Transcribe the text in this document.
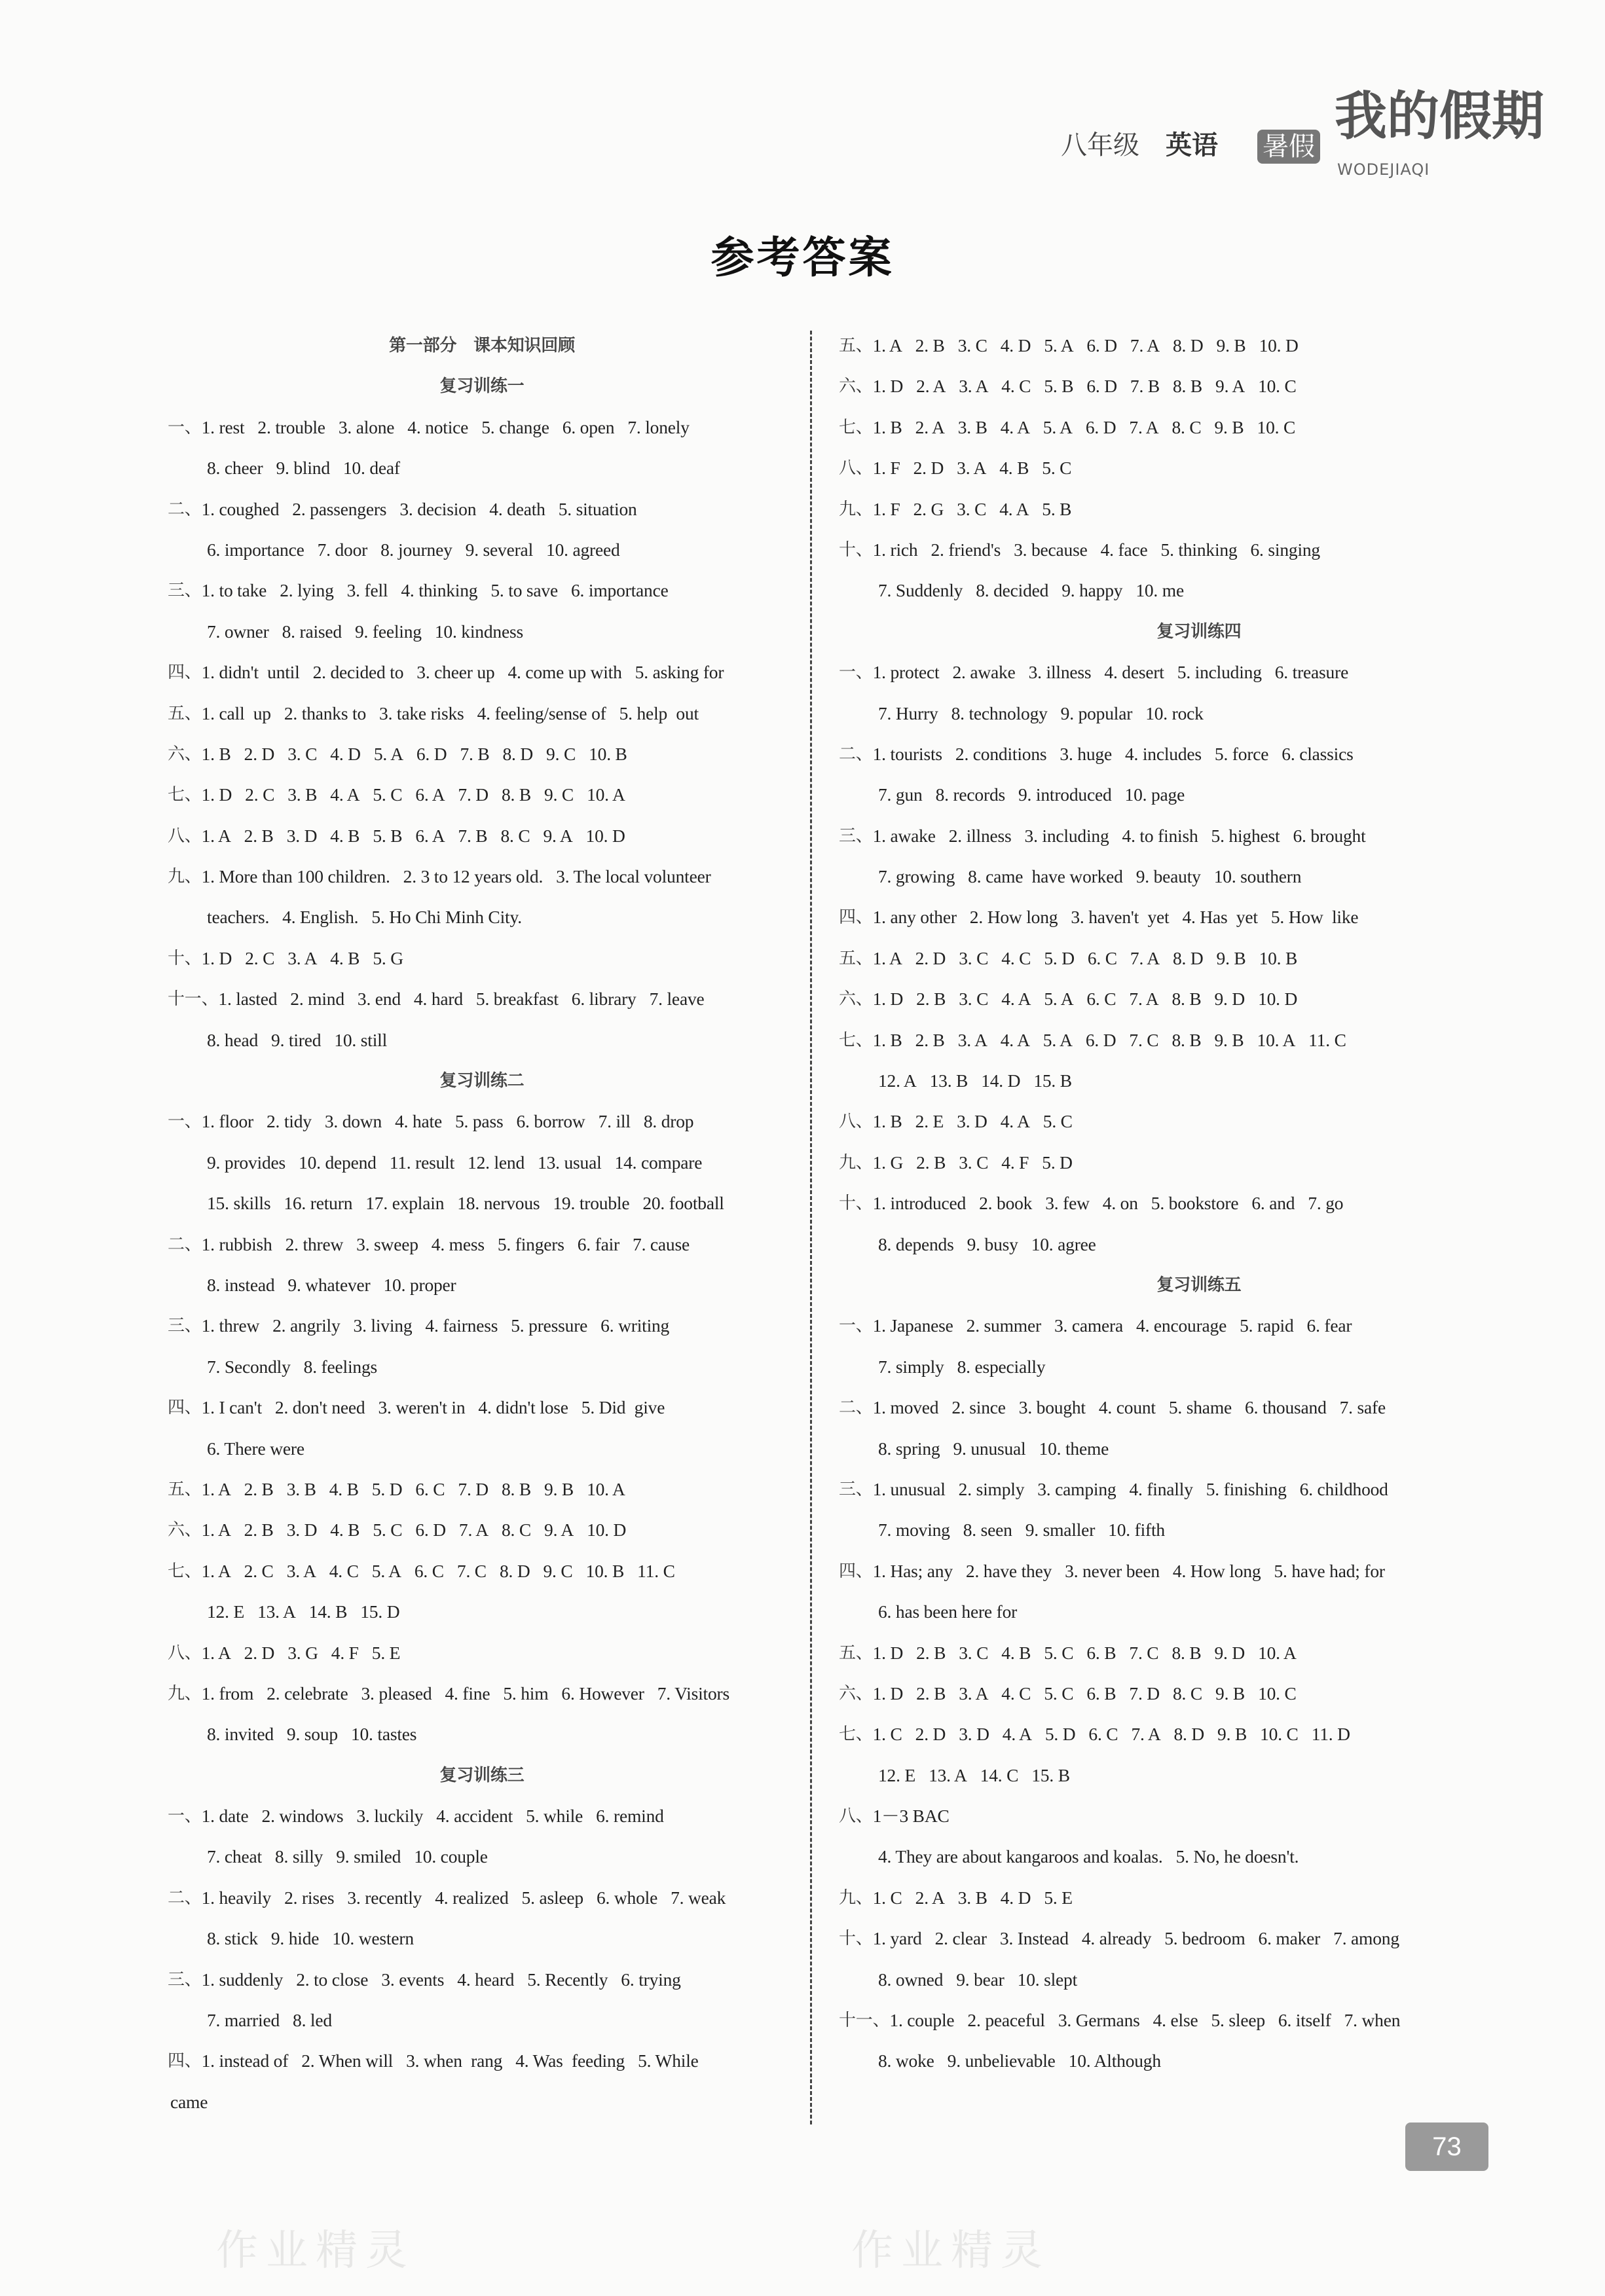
八年级 英语 暑假 我的假期
WODEJIAQI
参考答案
第一部分　课本知识回顾
复习训练一
一、 1. rest 2. trouble 3. alone 4. notice 5. change 6. open 7. lonely
8. cheer 9. blind 10. deaf
二、 1. coughed 2. passengers 3. decision 4. death 5. situation
6. importance 7. door 8. journey 9. several 10. agreed
三、 1. to take 2. lying 3. fell 4. thinking 5. to save 6. importance
7. owner 8. raised 9. feeling 10. kindness
四、 1. didn't  until 2. decided to 3. cheer up 4. come up with 5. asking for
五、 1. call  up 2. thanks to 3. take risks 4. feeling/sense of 5. help  out
六、 1. B 2. D 3. C 4. D 5. A 6. D 7. B 8. D 9. C 10. B
七、 1. D 2. C 3. B 4. A 5. C 6. A 7. D 8. B 9. C 10. A
八、 1. A 2. B 3. D 4. B 5. B 6. A 7. B 8. C 9. A 10. D
九、 1. More than 100 children. 2. 3 to 12 years old. 3. The local volunteer
teachers. 4. English. 5. Ho Chi Minh City.
十、 1. D 2. C 3. A 4. B 5. G
十一、 1. lasted 2. mind 3. end 4. hard 5. breakfast 6. library 7. leave
8. head 9. tired 10. still
复习训练二
一、 1. floor 2. tidy 3. down 4. hate 5. pass 6. borrow 7. ill 8. drop
9. provides 10. depend 11. result 12. lend 13. usual 14. compare
15. skills 16. return 17. explain 18. nervous 19. trouble 20. football
二、 1. rubbish 2. threw 3. sweep 4. mess 5. fingers 6. fair 7. cause
8. instead 9. whatever 10. proper
三、 1. threw 2. angrily 3. living 4. fairness 5. pressure 6. writing
7. Secondly 8. feelings
四、 1. I can't 2. don't need 3. weren't in 4. didn't lose 5. Did  give
6. There were
五、 1. A 2. B 3. B 4. B 5. D 6. C 7. D 8. B 9. B 10. A
六、 1. A 2. B 3. D 4. B 5. C 6. D 7. A 8. C 9. A 10. D
七、 1. A 2. C 3. A 4. C 5. A 6. C 7. C 8. D 9. C 10. B 11. C
12. E 13. A 14. B 15. D
八、 1. A 2. D 3. G 4. F 5. E
九、 1. from 2. celebrate 3. pleased 4. fine 5. him 6. However 7. Visitors
8. invited 9. soup 10. tastes
复习训练三
一、 1. date 2. windows 3. luckily 4. accident 5. while 6. remind
7. cheat 8. silly 9. smiled 10. couple
二、 1. heavily 2. rises 3. recently 4. realized 5. asleep 6. whole 7. weak
8. stick 9. hide 10. western
三、 1. suddenly 2. to close 3. events 4. heard 5. Recently 6. trying
7. married 8. led
四、 1. instead of 2. When will 3. when  rang 4. Was  feeding 5. While
came
五、 1. A 2. B 3. C 4. D 5. A 6. D 7. A 8. D 9. B 10. D
六、 1. D 2. A 3. A 4. C 5. B 6. D 7. B 8. B 9. A 10. C
七、 1. B 2. A 3. B 4. A 5. A 6. D 7. A 8. C 9. B 10. C
八、 1. F 2. D 3. A 4. B 5. C
九、 1. F 2. G 3. C 4. A 5. B
十、 1. rich 2. friend's 3. because 4. face 5. thinking 6. singing
7. Suddenly 8. decided 9. happy 10. me
复习训练四
一、 1. protect 2. awake 3. illness 4. desert 5. including 6. treasure
7. Hurry 8. technology 9. popular 10. rock
二、 1. tourists 2. conditions 3. huge 4. includes 5. force 6. classics
7. gun 8. records 9. introduced 10. page
三、 1. awake 2. illness 3. including 4. to finish 5. highest 6. brought
7. growing 8. came  have worked 9. beauty 10. southern
四、 1. any other 2. How long 3. haven't  yet 4. Has  yet 5. How  like
五、 1. A 2. D 3. C 4. C 5. D 6. C 7. A 8. D 9. B 10. B
六、 1. D 2. B 3. C 4. A 5. A 6. C 7. A 8. B 9. D 10. D
七、 1. B 2. B 3. A 4. A 5. A 6. D 7. C 8. B 9. B 10. A 11. C
12. A 13. B 14. D 15. B
八、 1. B 2. E 3. D 4. A 5. C
九、 1. G 2. B 3. C 4. F 5. D
十、 1. introduced 2. book 3. few 4. on 5. bookstore 6. and 7. go
8. depends 9. busy 10. agree
复习训练五
一、 1. Japanese 2. summer 3. camera 4. encourage 5. rapid 6. fear
7. simply 8. especially
二、 1. moved 2. since 3. bought 4. count 5. shame 6. thousand 7. safe
8. spring 9. unusual 10. theme
三、 1. unusual 2. simply 3. camping 4. finally 5. finishing 6. childhood
7. moving 8. seen 9. smaller 10. fifth
四、 1. Has; any 2. have they 3. never been 4. How long 5. have had; for
6. has been here for
五、 1. D 2. B 3. C 4. B 5. C 6. B 7. C 8. B 9. D 10. A
六、 1. D 2. B 3. A 4. C 5. C 6. B 7. D 8. C 9. B 10. C
七、 1. C 2. D 3. D 4. A 5. D 6. C 7. A 8. D 9. B 10. C 11. D
12. E 13. A 14. C 15. B
八、 1－3 BAC
4. They are about kangaroos and koalas. 5. No, he doesn't.
九、 1. C 2. A 3. B 4. D 5. E
十、 1. yard 2. clear 3. Instead 4. already 5. bedroom 6. maker 7. among
8. owned 9. bear 10. slept
十一、 1. couple 2. peaceful 3. Germans 4. else 5. sleep 6. itself 7. when
8. woke 9. unbelievable 10. Although
作业精灵	作业精灵
73
